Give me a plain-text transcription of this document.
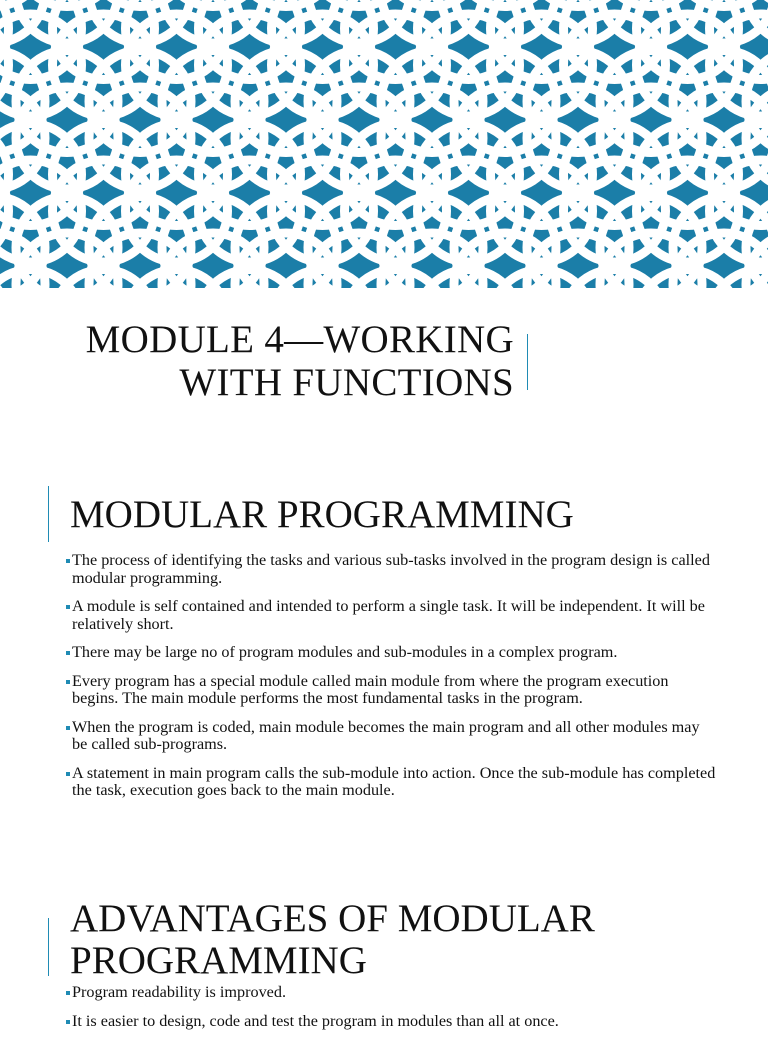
MODULE 4—WORKING
WITH FUNCTIONS
MODULAR PROGRAMMING
The process of identifying the tasks and various sub-tasks involved in the program design is called modular programming.
A module is self contained and intended to perform a single task. It will be independent. It will be relatively short.
There may be large no of program modules and sub-modules in a complex program.
Every program has a special module called main module from where the program execution begins. The main module performs the most fundamental tasks in the program.
When the program is coded, main module becomes the main program and all other modules may be called sub-programs.
A statement in main program calls the sub-module into action. Once the sub-module has completed the task, execution goes back to the main module.
ADVANTAGES OF MODULAR
PROGRAMMING
Program readability is improved.
It is easier to design, code and test the program in modules than all at once.
